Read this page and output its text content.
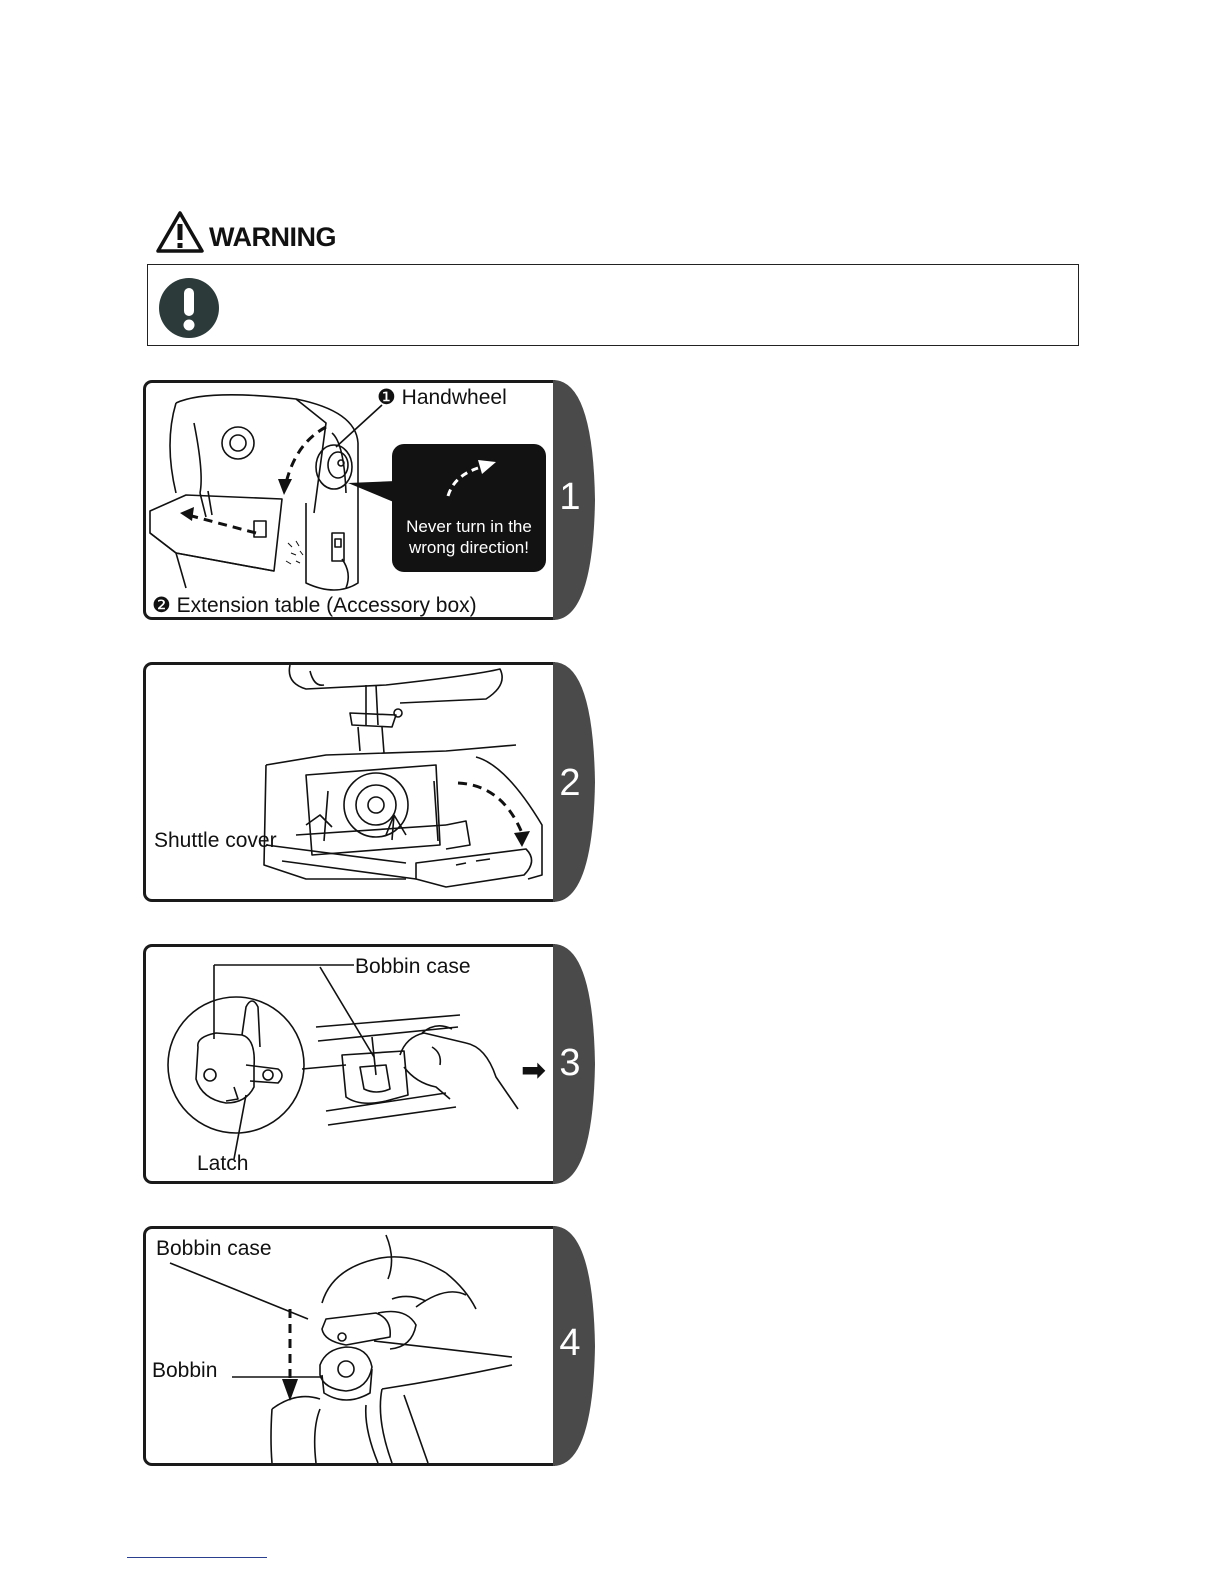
WARNING
Never turn in the wrong direction!
❶ Handwheel
❷ Extension table (Accessory box)
1
Shuttle cover
2
Bobbin case
Latch
➡ 3
Bobbin case
Bobbin
4
